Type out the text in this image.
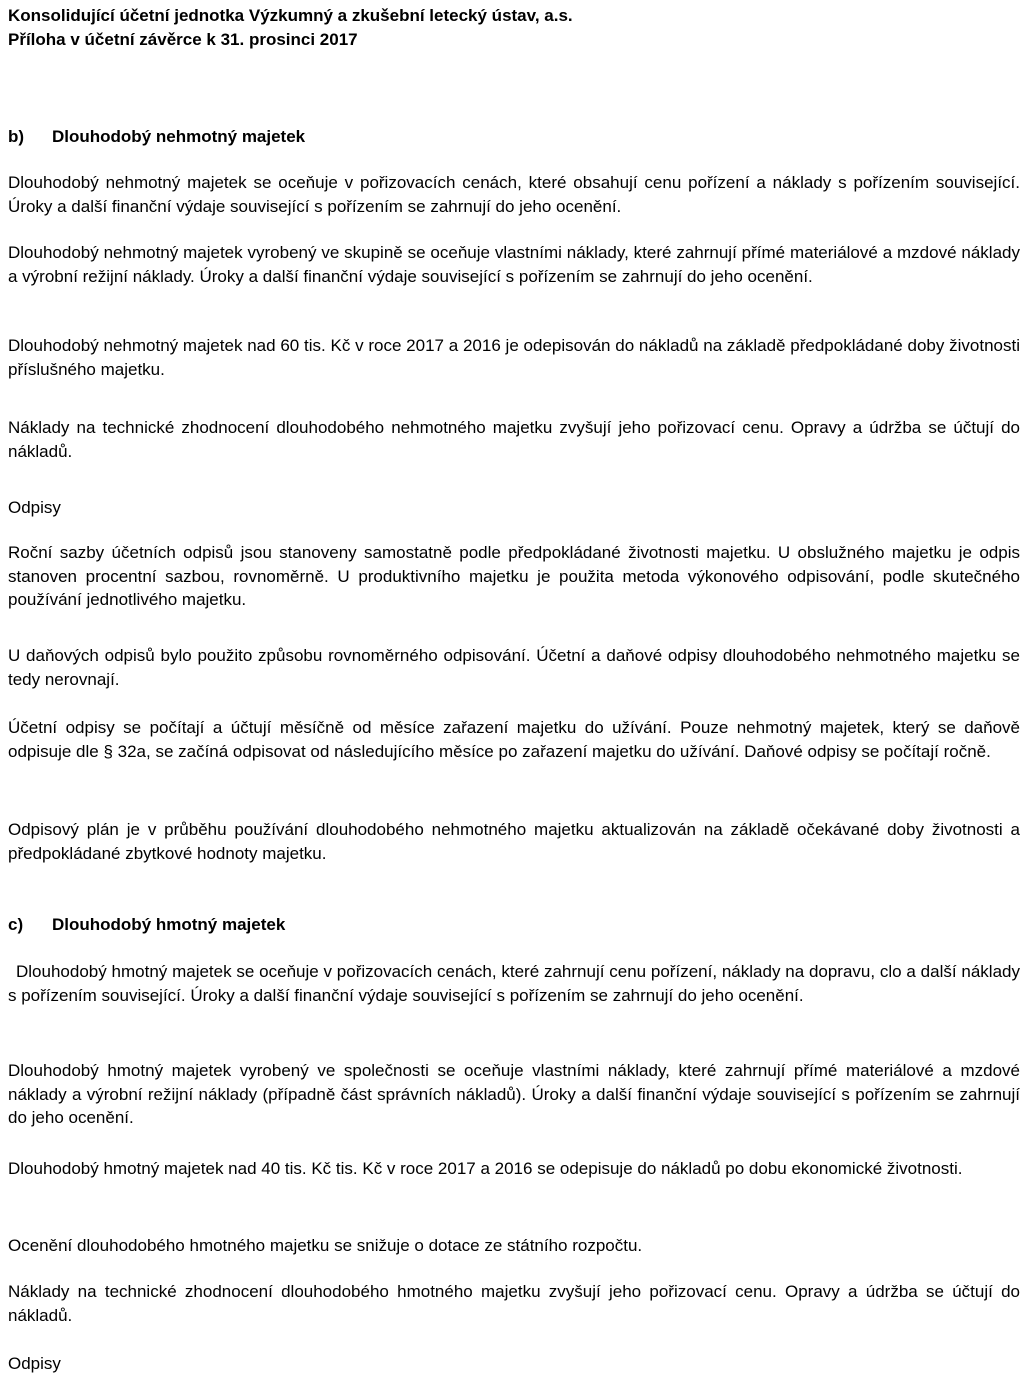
Konsolidující účetní jednotka Výzkumný a zkušební letecký ústav, a.s.

Příloha v účetní závěrce k 31. prosinci 2017

b) Dlouhodobý nehmotný majetek

Dlouhodobý nehmotný majetek se oceňuje v pořizovacích cenách, které obsahují cenu pořízení a náklady s pořízením související. Úroky a další finanční výdaje související s pořízením se zahrnují do jeho ocenění.

Dlouhodobý nehmotný majetek vyrobený ve skupině se oceňuje vlastními náklady, které zahrnují přímé materiálové a mzdové náklady a výrobní režijní náklady. Úroky a další finanční výdaje související s pořízením se zahrnují do jeho ocenění.

Dlouhodobý nehmotný majetek nad 60 tis. Kč v roce 2017 a 2016 je odepisován do nákladů na základě předpokládané doby životnosti příslušného majetku.

Náklady na technické zhodnocení dlouhodobého nehmotného majetku zvyšují jeho pořizovací cenu. Opravy a údržba se účtují do nákladů.

Odpisy

Roční sazby účetních odpisů jsou stanoveny samostatně podle předpokládané životnosti majetku. U obslužného majetku je odpis stanoven procentní sazbou, rovnoměrně. U produktivního majetku je použita metoda výkonového odpisování, podle skutečného používání jednotlivého majetku.

U daňových odpisů bylo použito způsobu rovnoměrného odpisování. Účetní a daňové odpisy dlouhodobého nehmotného majetku se tedy nerovnají.

Účetní odpisy se počítají a účtují měsíčně od měsíce zařazení majetku do užívání. Pouze nehmotný majetek, který se daňově odpisuje dle § 32a, se začíná odpisovat od následujícího měsíce po zařazení majetku do užívání. Daňové odpisy se počítají ročně.

Odpisový plán je v průběhu používání dlouhodobého nehmotného majetku aktualizován na základě očekávané doby životnosti a předpokládané zbytkové hodnoty majetku.

c) Dlouhodobý hmotný majetek

Dlouhodobý hmotný majetek se oceňuje v pořizovacích cenách, které zahrnují cenu pořízení, náklady na dopravu, clo a další náklady s pořízením související. Úroky a další finanční výdaje související s pořízením se zahrnují do jeho ocenění.

Dlouhodobý hmotný majetek vyrobený ve společnosti se oceňuje vlastními náklady, které zahrnují přímé materiálové a mzdové náklady a výrobní režijní náklady (případně část správních nákladů). Úroky a další finanční výdaje související s pořízením se zahrnují do jeho ocenění.

Dlouhodobý hmotný majetek nad 40 tis. Kč tis. Kč v roce 2017 a 2016 se odepisuje do nákladů po dobu ekonomické životnosti.

Ocenění dlouhodobého hmotného majetku se snižuje o dotace ze státního rozpočtu.

Náklady na technické zhodnocení dlouhodobého hmotného majetku zvyšují jeho pořizovací cenu. Opravy a údržba se účtují do nákladů.

Odpisy
